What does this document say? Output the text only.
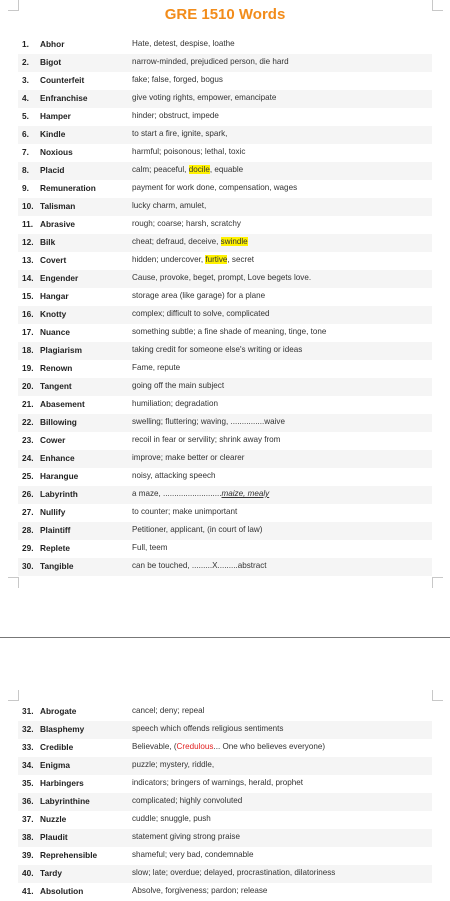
GRE 1510 Words
1.	Abhor	Hate, detest, despise, loathe
2.	Bigot	narrow-minded, prejudiced person, die hard
3.	Counterfeit	fake; false, forged, bogus
4.	Enfranchise	give voting rights, empower, emancipate
5.	Hamper	hinder; obstruct, impede
6.	Kindle	to start a fire, ignite, spark,
7.	Noxious	harmful; poisonous; lethal, toxic
8.	Placid	calm; peaceful, docile, equable
9.	Remuneration	payment for work done, compensation, wages
10. Talisman	lucky charm, amulet,
11. Abrasive	rough; coarse; harsh, scratchy
12. Bilk	cheat; defraud, deceive, swindle
13. Covert	hidden; undercover, furtive, secret
14. Engender	Cause, provoke, beget, prompt, Love begets love.
15. Hangar	storage area (like garage) for a plane
16. Knotty	complex; difficult to solve, complicated
17. Nuance	something subtle; a fine shade of meaning, tinge, tone
18. Plagiarism	taking credit for someone else's writing or ideas
19. Renown	Fame, repute
20. Tangent	going off the main subject
21. Abasement	humiliation; degradation
22. Billowing	swelling; fluttering; waving, ...............waive
23. Cower	recoil in fear or servility; shrink away from
24. Enhance	improve; make better or clearer
25. Harangue	noisy, attacking speech
26. Labyrinth	a maze, ..........................maize, mealy
27. Nullify	to counter; make unimportant
28. Plaintiff	Petitioner, applicant, (in court of law)
29. Replete	Full, teem
30. Tangible	can be touched, .........X.........abstract
31. Abrogate	cancel; deny; repeal
32. Blasphemy	speech which offends religious sentiments
33. Credible	Believable, (Credulous... One who believes everyone)
34. Enigma	puzzle; mystery, riddle,
35. Harbingers	indicators; bringers of warnings, herald, prophet
36. Labyrinthine	complicated; highly convoluted
37. Nuzzle	cuddle; snuggle, push
38. Plaudit	statement giving strong praise
39. Reprehensible	shameful; very bad, condemnable
40. Tardy	slow; late; overdue; delayed, procrastination, dilatoriness
41. Absolution	Absolve, forgiveness; pardon; release
